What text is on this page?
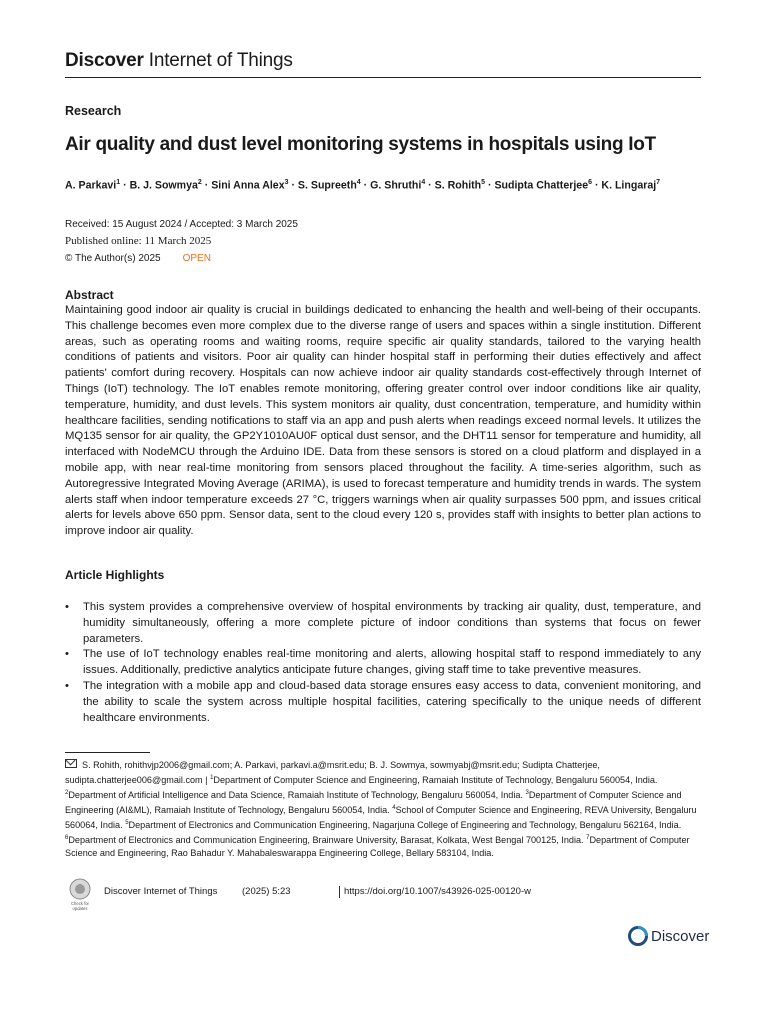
Discover Internet of Things
Research
Air quality and dust level monitoring systems in hospitals using IoT
A. Parkavi$^1$ · B. J. Sowmya$^2$ · Sini Anna Alex$^3$ · S. Supreeth$^4$ · G. Shruthi$^4$ · S. Rohith$^5$ · Sudipta Chatterjee$^6$ · K. Lingaraj$^7$
Received: 15 August 2024 / Accepted: 3 March 2025
Published online: 11 March 2025
© The Author(s) 2025 OPEN
Abstract

Maintaining good indoor air quality is crucial in buildings dedicated to enhancing the health and well-being of their occupants. This challenge becomes even more complex due to the diverse range of users and spaces within a single institution. Different areas, such as operating rooms and waiting rooms, require specific air quality standards, tailored to the varying health conditions of patients and visitors. Poor air quality can hinder hospital staff in performing their duties effectively and affect patients' comfort during recovery. Hospitals can now achieve indoor air quality standards cost-effectively through Internet of Things (IoT) technology. The IoT enables remote monitoring, offering greater control over indoor conditions like air quality, temperature, humidity, and dust levels. This system monitors air quality, dust concentration, temperature, and humidity within healthcare facilities, sending notifications to staff via an app and push alerts when readings exceed normal levels. It utilizes the MQ135 sensor for air quality, the GP2Y1010AU0F optical dust sensor, and the DHT11 sensor for temperature and humidity, all interfaced with NodeMCU through the Arduino IDE. Data from these sensors is stored on a cloud platform and displayed in a mobile app, with near real-time monitoring from sensors placed throughout the facility. A time-series algorithm, such as Autoregressive Integrated Moving Average (ARIMA), is used to forecast temperature and humidity trends in wards. The system alerts staff when indoor temperature exceeds 27 °C, triggers warnings when air quality surpasses 500 ppm, and issues critical alerts for levels above 650 ppm. Sensor data, sent to the cloud every 120 s, provides staff with insights to better plan actions to improve indoor air quality.

Article Highlights
• This system provides a comprehensive overview of hospital environments by tracking air quality, dust, temperature, and humidity simultaneously, offering a more complete picture of indoor conditions than systems that focus on fewer parameters.
• The use of IoT technology enables real-time monitoring and alerts, allowing hospital staff to respond immediately to any issues. Additionally, predictive analytics anticipate future changes, giving staff time to take preventive measures.
• The integration with a mobile app and cloud-based data storage ensures easy access to data, convenient monitoring, and the ability to scale the system across multiple hospital facilities, catering specifically to the unique needs of different healthcare environments.

S. Rohith, rohithvjp2006@gmail.com; A. Parkavi, parkavi.a@msrit.edu; B. J. Sowmya, sowmyabj@msrit.edu; Sudipta Chatterjee, sudipta.chatterjee006@gmail.com | $^1$Department of Computer Science and Engineering, Ramaiah Institute of Technology, Bengaluru 560054, India. $^2$Department of Artificial Intelligence and Data Science, Ramaiah Institute of Technology, Bengaluru 560054, India. $^3$Department of Computer Science and Engineering (AI&ML), Ramaiah Institute of Technology, Bengaluru 560054, India. $^4$School of Computer Science and Engineering, REVA University, Bengaluru 560064, India. $^5$Department of Electronics and Communication Engineering, Nagarjuna College of Engineering and Technology, Bengaluru 562164, India. $^6$Department of Electronics and Communication Engineering, Brainware University, Barasat, Kolkata, West Bengal 700125, India. $^7$Department of Computer Science and Engineering, Rao Bahadur Y. Mahabaleswarappa Engineering College, Bellary 583104, India.

Check for
updates
Discover Internet of Things	(2025) 5:23	https://doi.org/10.1007/s43926-025-00120-w
Discover
